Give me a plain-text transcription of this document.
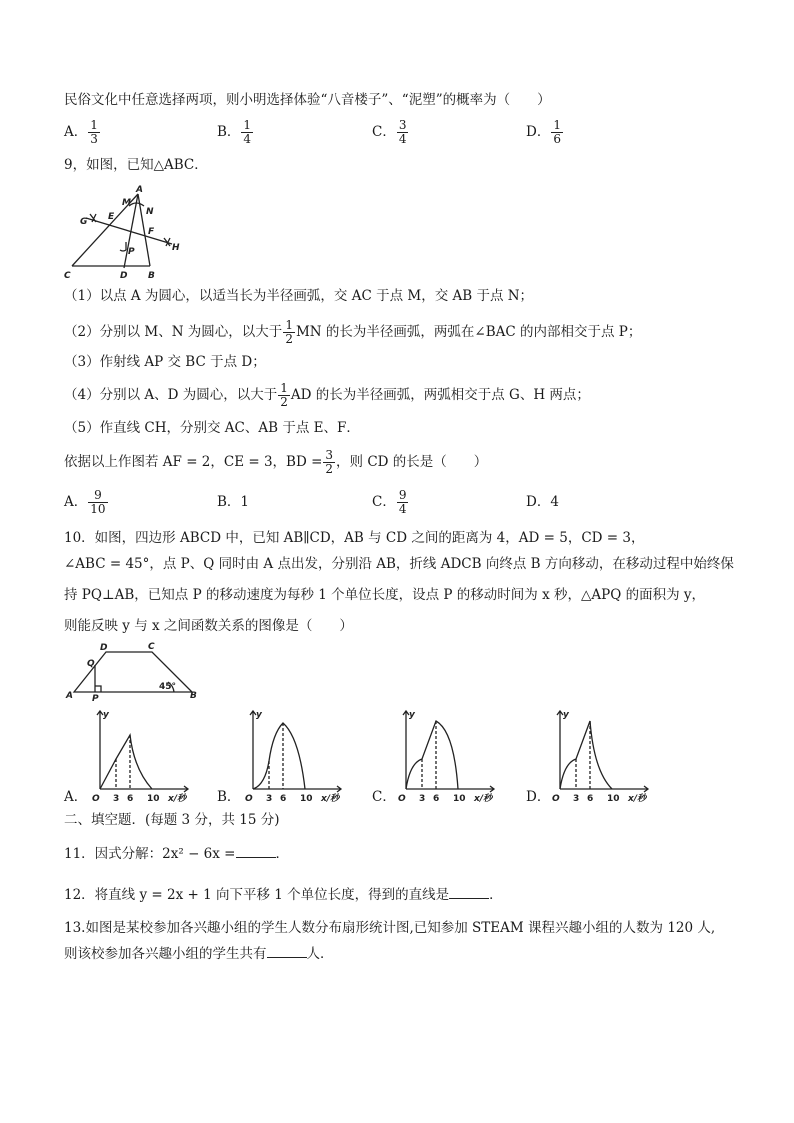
民俗文化中任意选择两项，则小明选择体验“八音楼子”、“泥塑”的概率为（　　）
A． $\frac{1}{3}$	B． $\frac{1}{4}$	C． $\frac{3}{4}$	D． $\frac{1}{6}$
9，如图，已知△ABC．
A
M
N
G E
F
H
P
C	D B
（1）以点 A 为圆心，以适当长为半径画弧，交 AC 于点 M，交 AB 于点 N；
（2）分别以 M、N 为圆心，以大于 $\frac{1}{2}$ MN 的长为半径画弧，两弧在∠BAC 的内部相交于点 P；
（3）作射线 AP 交 BC 于点 D；
（4）分别以 A、D 为圆心，以大于 $\frac{1}{2}$ AD 的长为半径画弧，两弧相交于点 G、H 两点；
（5）作直线 CH，分别交 AC、AB 于点 E、F．
依据以上作图若 AF = 2，CE = 3，BD = $\frac{3}{2}$ ，则 CD 的长是（　　）
A． $\frac{9}{10}$	B．1	C． $\frac{9}{4}$	D．4
10．如图，四边形 ABCD 中，已知 AB∥CD，AB 与 CD 之间的距离为 4，AD = 5，CD = 3，
∠ABC = 45°，点 P、Q 同时由 A 点出发，分别沿 AB，折线 ADCB 向终点 B 方向移动，在移动过程中始终保
持 PQ⊥AB，已知点 P 的移动速度为每秒 1 个单位长度，设点 P 的移动时间为 x 秒，△APQ 的面积为 y，
则能反映 y 与 x 之间函数关系的图像是（　　）
D	C
Q
45°
A P	B
A．	B．	C．	D．
y
O 3 6 10 x/秒
y
O 3 6 10 x/秒
y
O 3 6 10 x/秒
y
O 3 6 10 x/秒
二、填空题．(每题 3 分，共 15 分)
11．因式分解：2x² − 6x =	．
12．将直线 y = 2x + 1 向下平移 1 个单位长度，得到的直线是	．
13.如图是某校参加各兴趣小组的学生人数分布扇形统计图,已知参加 STEAM 课程兴趣小组的人数为 120 人,
则该校参加各兴趣小组的学生共有	人．
